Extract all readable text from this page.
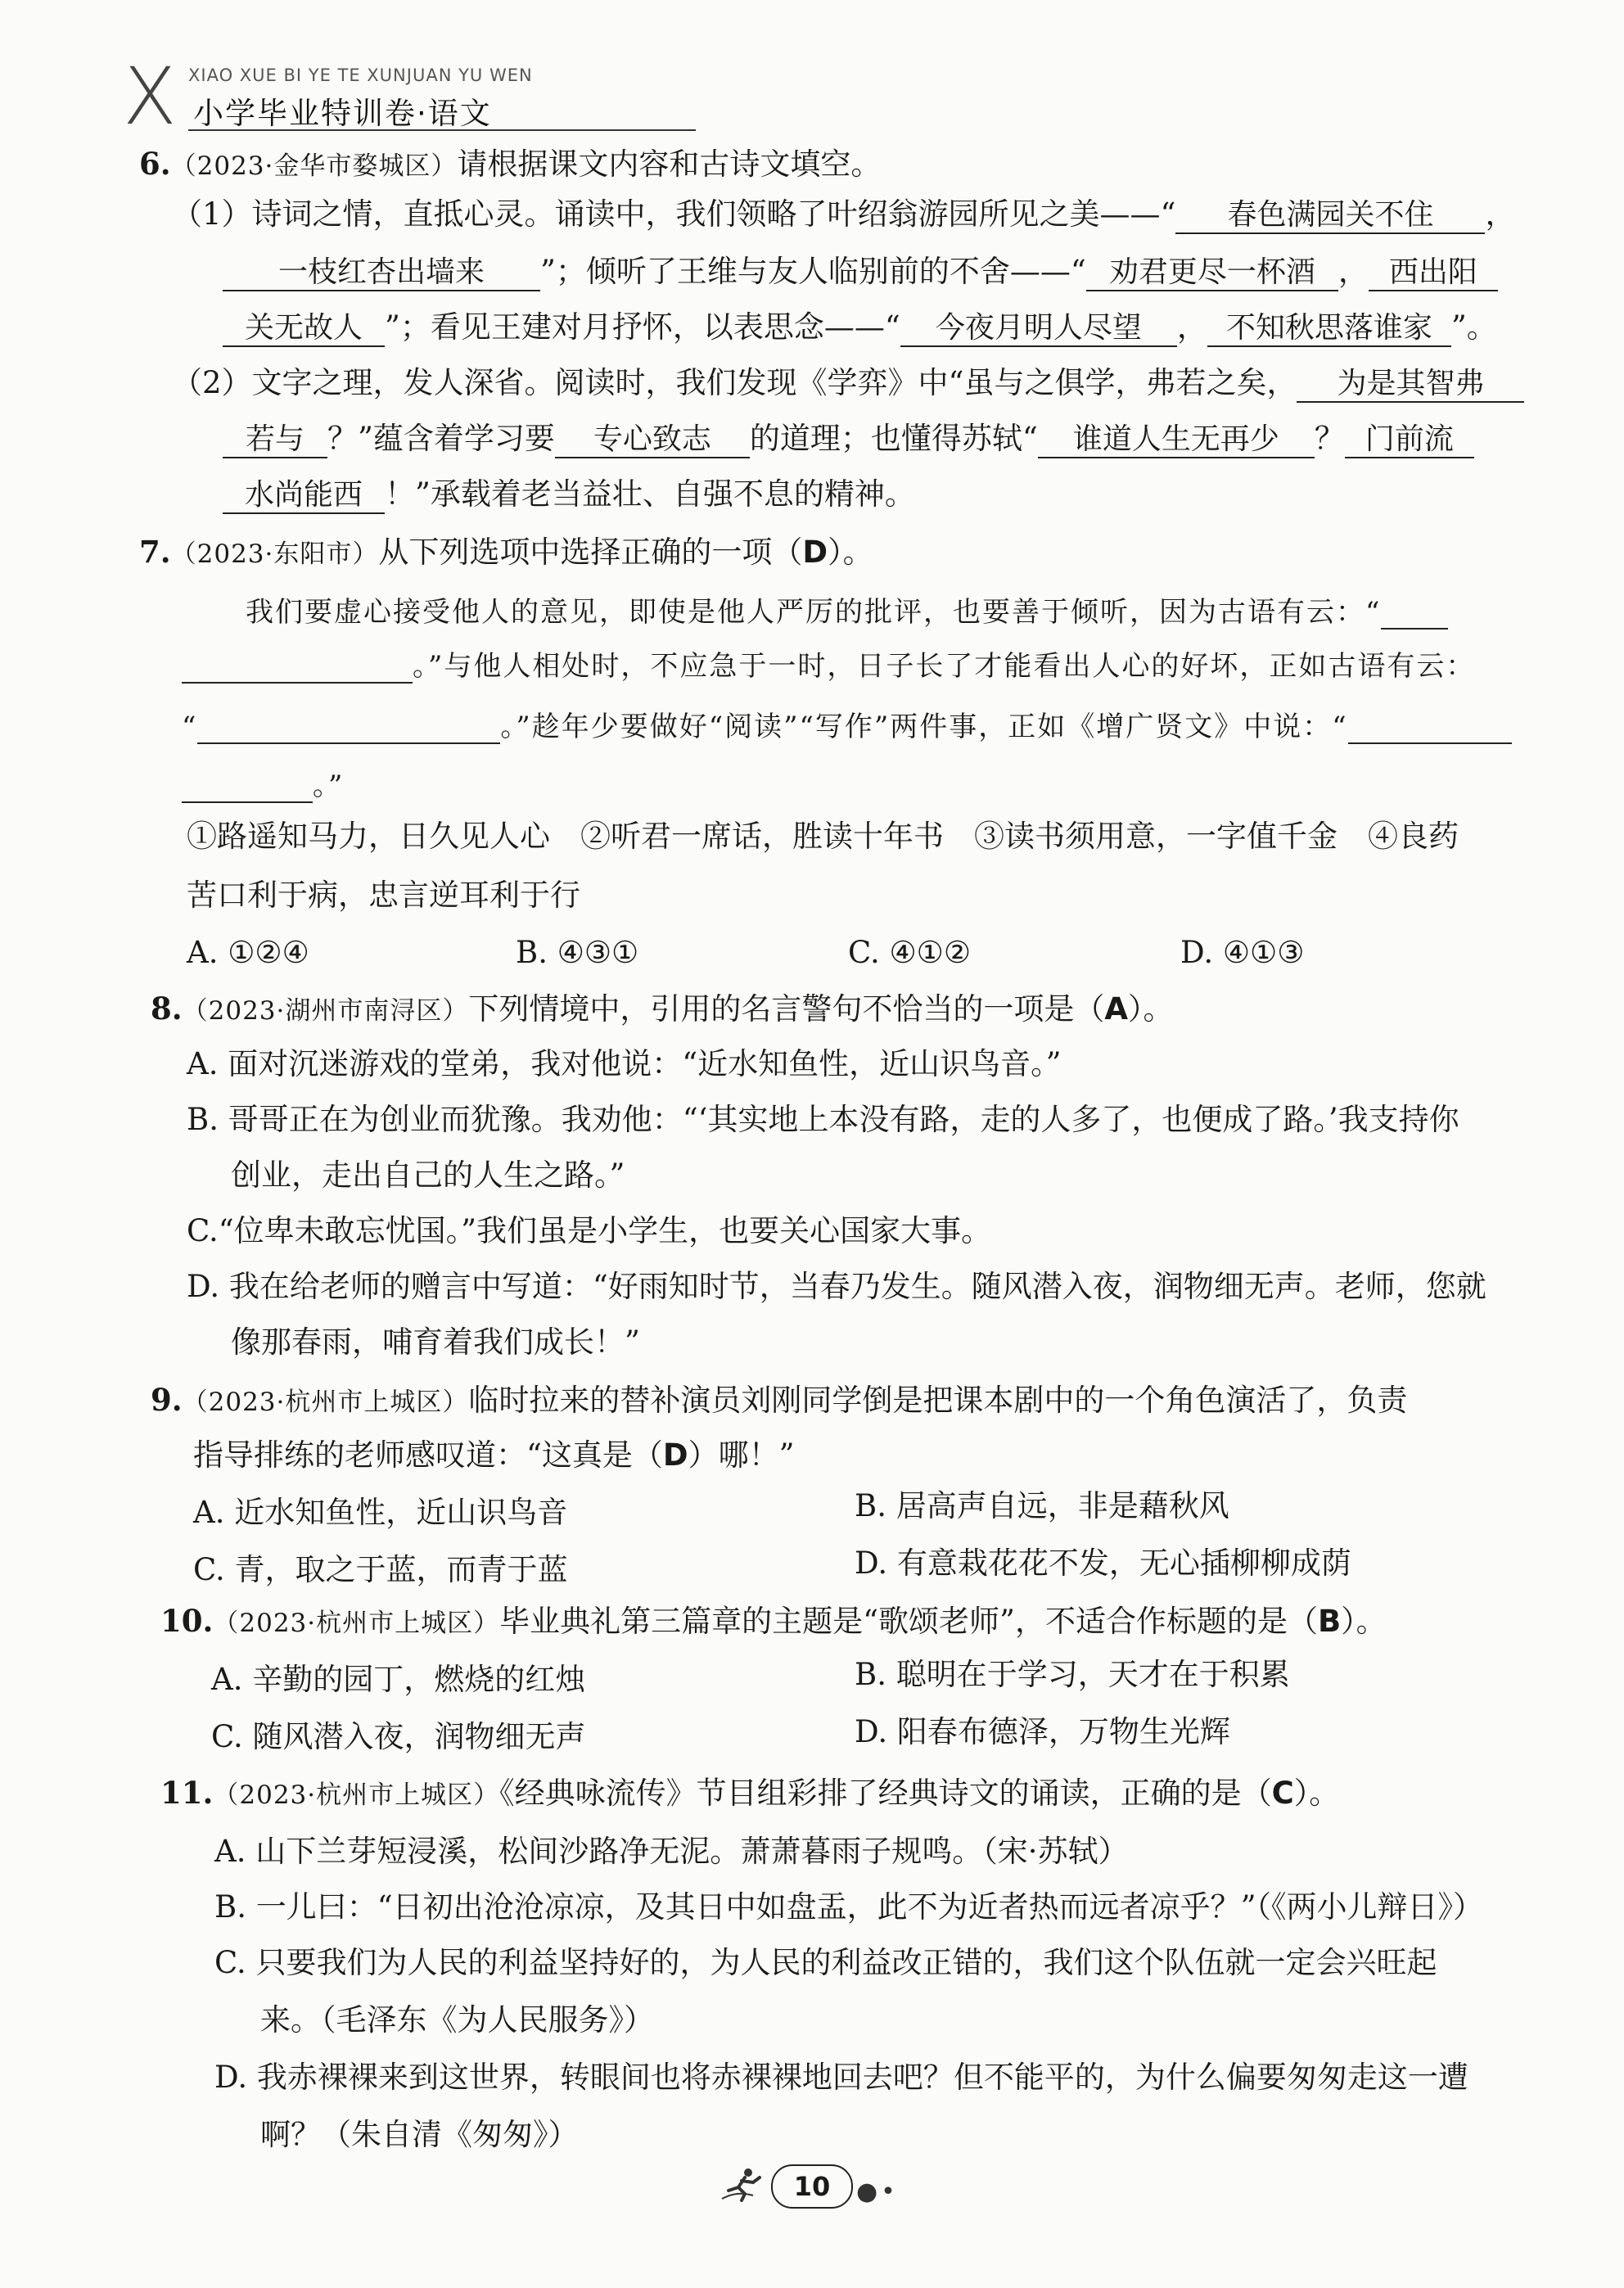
X XIAO XUE BI YE TE XUNJUAN YU WEN
小学毕业特训卷·语文
6.（2023·金华市婺城区）请根据课文内容和古诗文填空。
（1）诗词之情，直抵心灵。诵读中，我们领略了叶绍翁游园所见之美——“ 春色满园关不住 ，
一枝红杏出墙来 ”；倾听了王维与友人临别前的不舍——“ 劝君更尽一杯酒 ， 西出阳
关无故人 ”；看见王建对月抒怀，以表思念——“ 今夜月明人尽望 ， 不知秋思落谁家 ”。
（2）文字之理，发人深省。阅读时，我们发现《学弈》中“虽与之俱学，弗若之矣， 为是其智弗
若与 ？”蕴含着学习要 专心致志 的道理；也懂得苏轼“ 谁道人生无再少 ？ 门前流
水尚能西 ！”承载着老当益壮、自强不息的精神。
7.（2023·东阳市）从下列选项中选择正确的一项（D）。
我们要虚心接受他人的意见，即使是他人严厉的批评，也要善于倾听，因为古语有云：“
。”与他人相处时，不应急于一时，日子长了才能看出人心的好坏，正如古语有云：
“	。”趁年少要做好“阅读”“写作”两件事，正如《增广贤文》中说：“
。”
①路遥知马力，日久见人心　②听君一席话，胜读十年书　③读书须用意，一字值千金　④良药
苦口利于病，忠言逆耳利于行
A. ①②④	B. ④③①	C. ④①②	D. ④①③
8.（2023·湖州市南浔区）下列情境中，引用的名言警句不恰当的一项是（A）。
A. 面对沉迷游戏的堂弟，我对他说：“近水知鱼性，近山识鸟音。”
B. 哥哥正在为创业而犹豫。我劝他：“‘其实地上本没有路，走的人多了，也便成了路。’我支持你
创业，走出自己的人生之路。”
C.“位卑未敢忘忧国。”我们虽是小学生，也要关心国家大事。
D. 我在给老师的赠言中写道：“好雨知时节，当春乃发生。随风潜入夜，润物细无声。老师，您就
像那春雨，哺育着我们成长！”
9.（2023·杭州市上城区）临时拉来的替补演员刘刚同学倒是把课本剧中的一个角色演活了，负责
指导排练的老师感叹道：“这真是（D）哪！”
A. 近水知鱼性，近山识鸟音	B. 居高声自远，非是藉秋风
C. 青，取之于蓝，而青于蓝	D. 有意栽花花不发，无心插柳柳成荫
10.（2023·杭州市上城区）毕业典礼第三篇章的主题是“歌颂老师”，不适合作标题的是（B）。
A. 辛勤的园丁，燃烧的红烛	B. 聪明在于学习，天才在于积累
C. 随风潜入夜，润物细无声	D. 阳春布德泽，万物生光辉
11.（2023·杭州市上城区）《经典咏流传》节目组彩排了经典诗文的诵读，正确的是（C）。
A. 山下兰芽短浸溪，松间沙路净无泥。萧萧暮雨子规鸣。（宋·苏轼）
B. 一儿曰：“日初出沧沧凉凉，及其日中如盘盂，此不为近者热而远者凉乎？”（《两小儿辩日》）
C. 只要我们为人民的利益坚持好的，为人民的利益改正错的，我们这个队伍就一定会兴旺起
来。（毛泽东《为人民服务》）
D. 我赤裸裸来到这世界，转眼间也将赤裸裸地回去吧？但不能平的，为什么偏要匆匆走这一遭
啊？（朱自清《匆匆》）
10	●•
